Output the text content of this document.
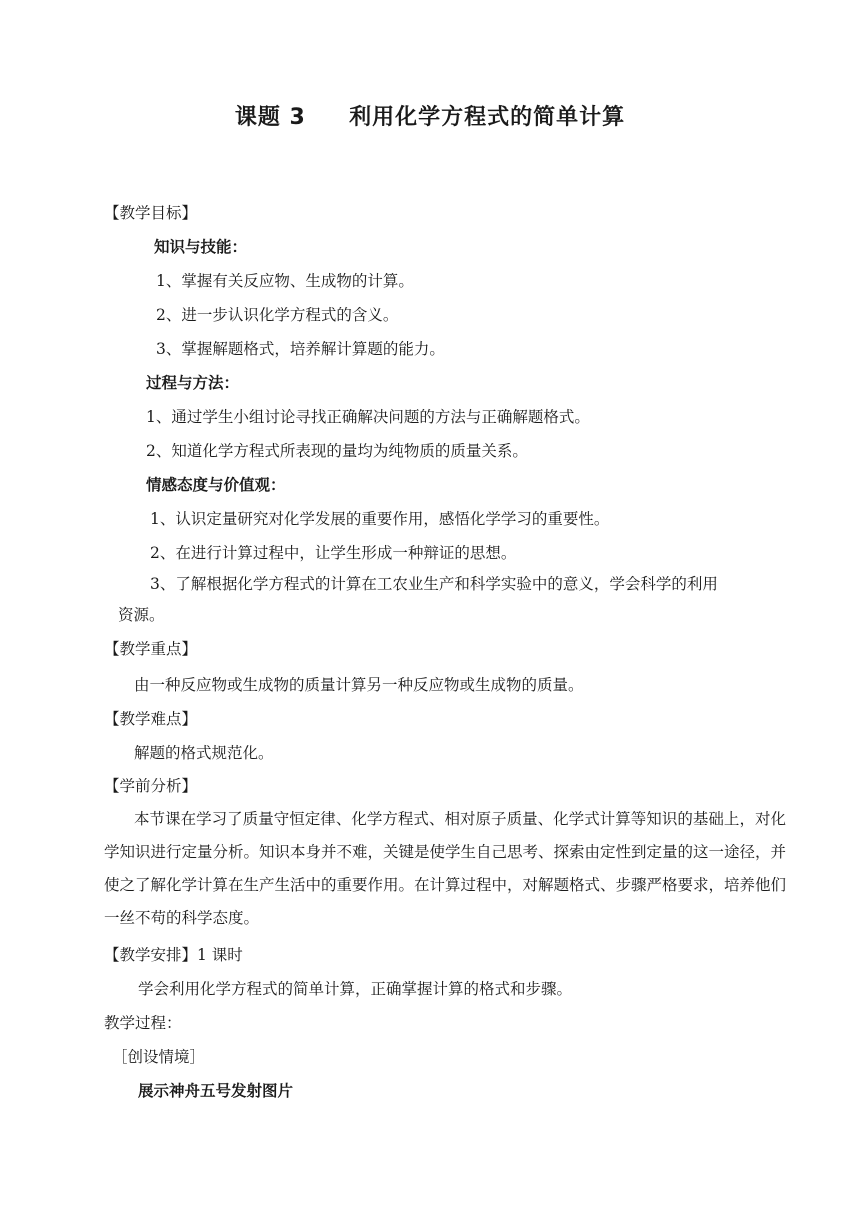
课题 3     利用化学方程式的简单计算
【教学目标】
知识与技能：
1、掌握有关反应物、生成物的计算。
2、进一步认识化学方程式的含义。
3、掌握解题格式，培养解计算题的能力。
过程与方法：
1、通过学生小组讨论寻找正确解决问题的方法与正确解题格式。
2、知道化学方程式所表现的量均为纯物质的质量关系。
情感态度与价值观：
1、认识定量研究对化学发展的重要作用，感悟化学学习的重要性。
2、在进行计算过程中，让学生形成一种辩证的思想。
3、了解根据化学方程式的计算在工农业生产和科学实验中的意义，学会科学的利用
资源。
【教学重点】
由一种反应物或生成物的质量计算另一种反应物或生成物的质量。
【教学难点】
解题的格式规范化。
【学前分析】
本节课在学习了质量守恒定律、化学方程式、相对原子质量、化学式计算等知识的基础上，对化学知识进行定量分析。知识本身并不难，关键是使学生自己思考、探索由定性到定量的这一途径，并使之了解化学计算在生产生活中的重要作用。在计算过程中，对解题格式、步骤严格要求，培养他们一丝不苟的科学态度。
【教学安排】1 课时
学会利用化学方程式的简单计算，正确掌握计算的格式和步骤。
教学过程：
［创设情境］
展示神舟五号发射图片
